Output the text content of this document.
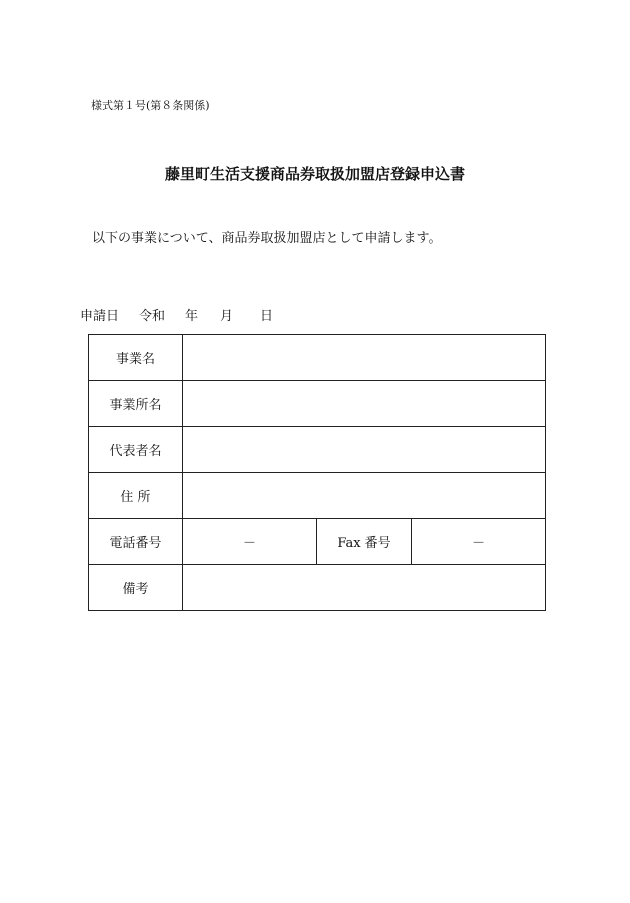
様式第１号(第８条関係)
藤里町生活支援商品券取扱加盟店登録申込書
以下の事業について、商品券取扱加盟店として申請します。
申請日 令和 年 月 日
事業名			
事業所名			
代表者名			
住 所			
電話番号	－	Fax 番号	－
備考			
